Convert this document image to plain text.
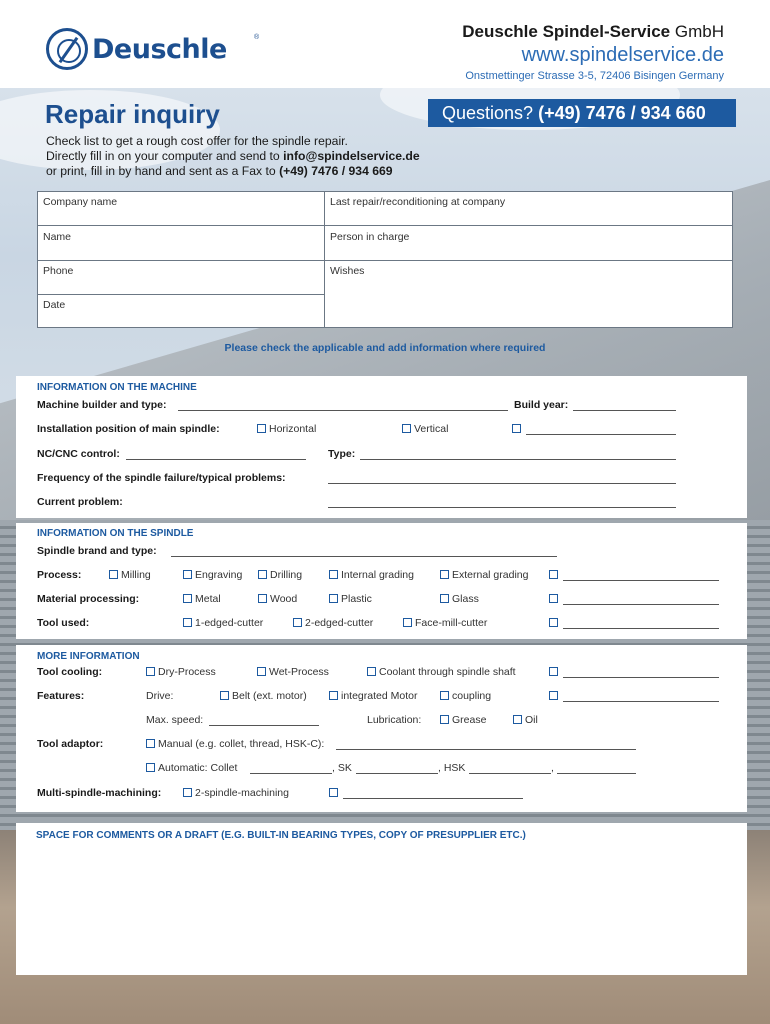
Deuschle	®	Deuschle Spindel-Service GmbH
www.spindelservice.de
Onstmettinger Strasse 3-5, 72406 Bisingen Germany
Repair inquiry	Questions? (+49) 7476 / 934 660
Check list to get a rough cost offer for the spindle repair.
Directly fill in on your computer and send to info@spindelservice.de
or print, fill in by hand and sent as a Fax to (+49) 7476 / 934 669
Company name	Last repair/reconditioning at company
Name	Person in charge
Phone	Wishes
Date
Please check the applicable and add information where required
INFORMATION ON THE MACHINE
Machine builder and type:	Build year:
Installation position of main spindle:	Horizontal	Vertical
NC/CNC control:	Type:
Frequency of the spindle failure/typical problems:
Current problem:
INFORMATION ON THE SPINDLE
Spindle brand and type:
Process:	Milling	Engraving	Drilling	Internal grading	External grading
Material processing:	Metal	Wood	Plastic	Glass
Tool used:	1-edged-cutter	2-edged-cutter	Face-mill-cutter
MORE INFORMATION
Tool cooling:	Dry-Process	Wet-Process	Coolant through spindle shaft
Features:	Drive:	Belt (ext. motor)	integrated Motor	coupling
Max. speed:	Lubrication:	Grease	Oil
Tool adaptor:	Manual (e.g. collet, thread, HSK-C):
Automatic: Collet	, SK	, HSK	,
Multi-spindle-machining:	2-spindle-machining
SPACE FOR COMMENTS OR A DRAFT (E.G. BUILT-IN BEARING TYPES, COPY OF PRESUPPLIER ETC.)
